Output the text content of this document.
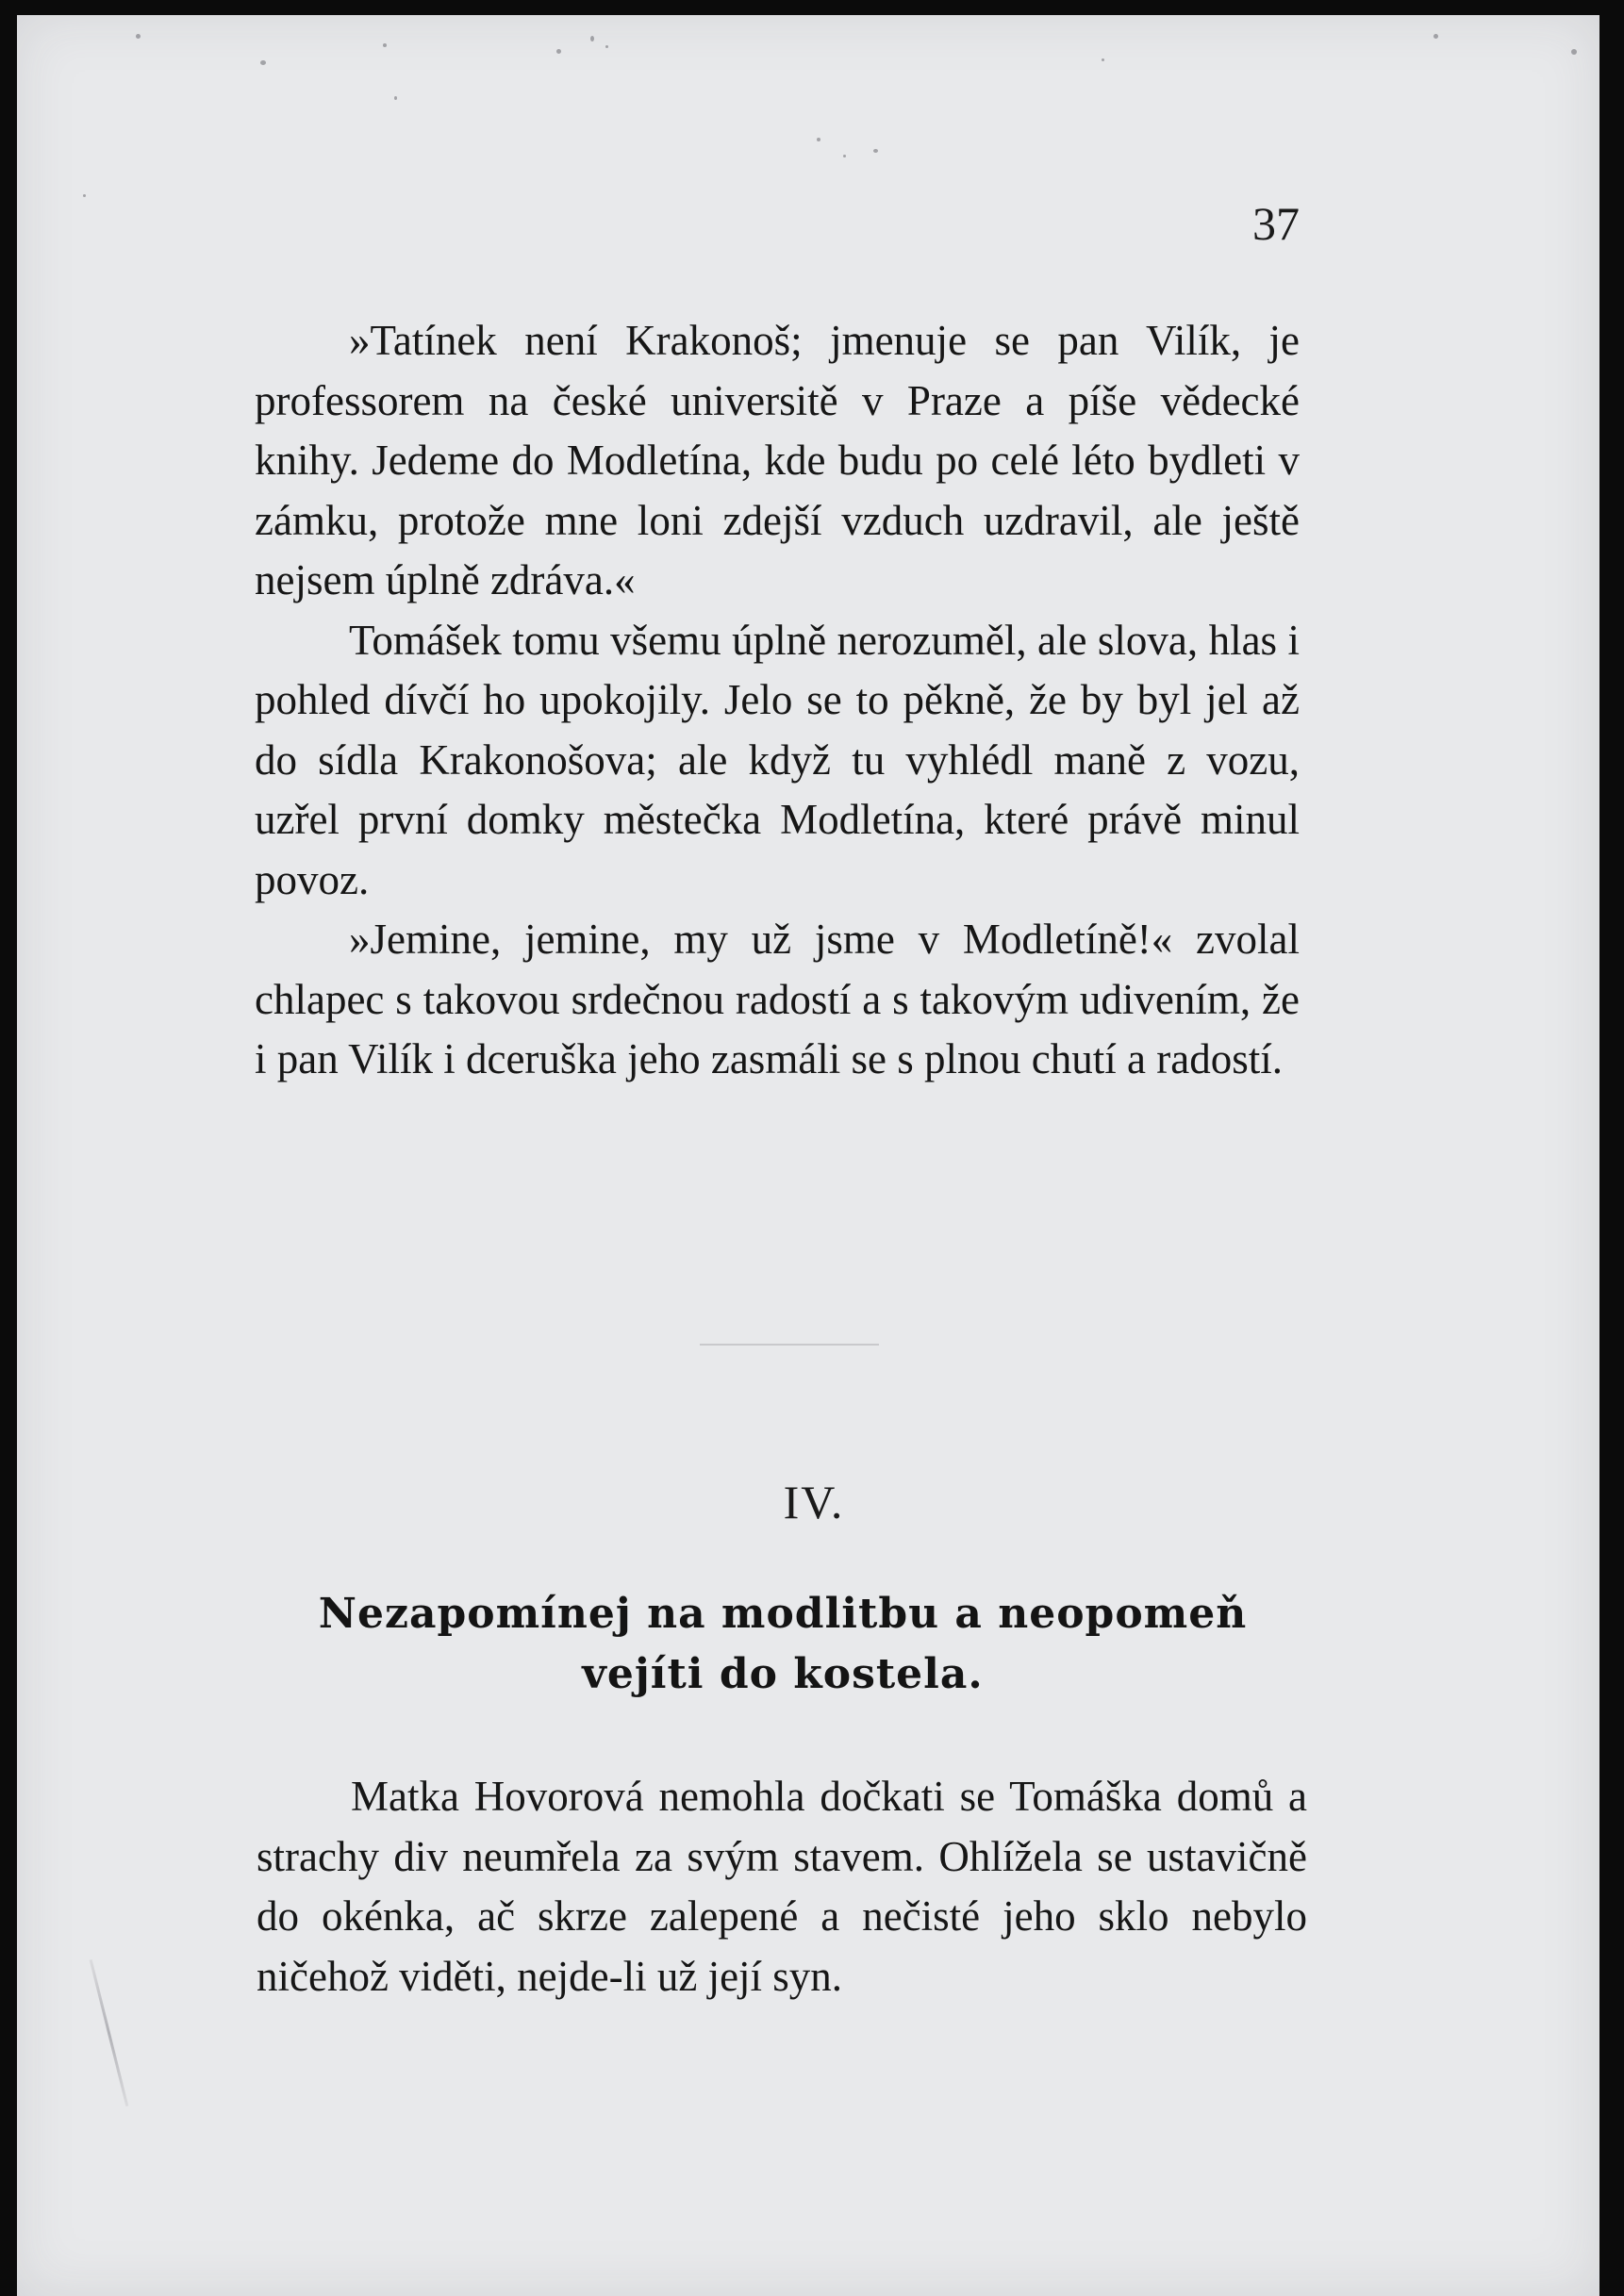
37

»Tatínek není Krakonoš; jmenuje se pan Vilík, je professorem na české universitě v Praze a píše vědecké knihy. Jedeme do Modletína, kde budu po celé léto bydleti v zámku, protože mne loni zdejší vzduch uzdravil, ale ještě nejsem úplně zdráva.«

Tomášek tomu všemu úplně nerozuměl, ale slova, hlas i pohled dívčí ho upokojily. Jelo se to pěkně, že by byl jel až do sídla Krakonošova; ale když tu vyhlédl maně z vozu, uzřel první domky městečka Modletína, které právě minul povoz.

»Jemine, jemine, my už jsme v Modletíně!« zvolal chlapec s takovou srdečnou radostí a s takovým udivením, že i pan Vilík i dceruška jeho zasmáli se s plnou chutí a radostí.

IV.
Nezapomínej na modlitbu a neopomeň vejíti do kostela.

Matka Hovorová nemohla dočkati se Tomáška domů a strachy div neumřela za svým stavem. Ohlížela se ustavičně do okénka, ač skrze zalepené a nečisté jeho sklo nebylo ničehož viděti, nejde-li už její syn.
